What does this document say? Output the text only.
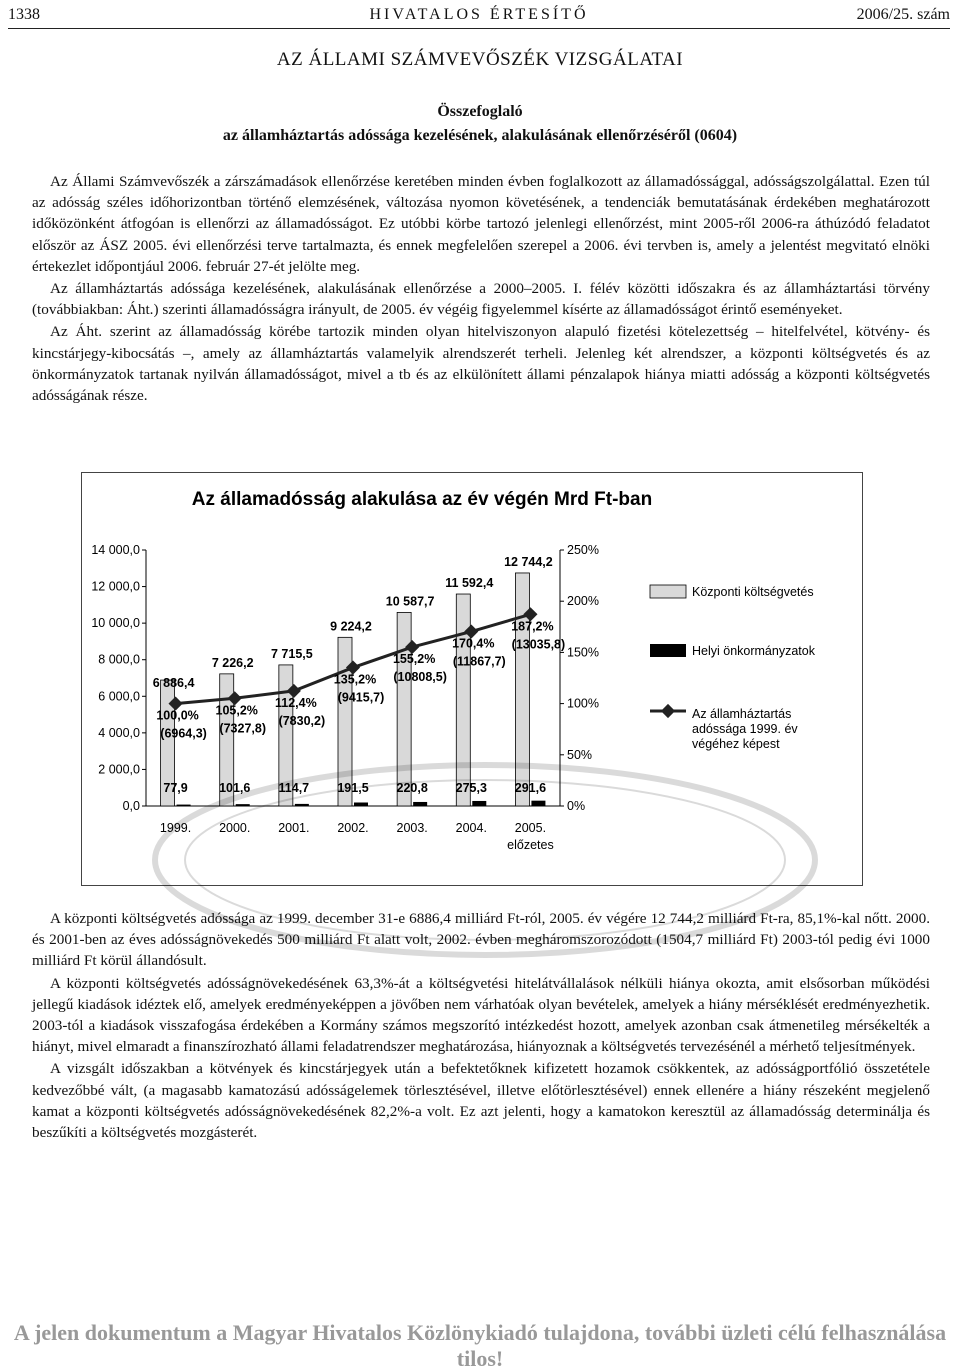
1338	HIVATALOS ÉRTESÍTŐ	2006/25. szám
AZ ÁLLAMI SZÁMVEVŐSZÉK VIZSGÁLATAI
Összefoglaló
az államháztartás adóssága kezelésének, alakulásának ellenőrzéséről (0604)

Az Állami Számvevőszék a zárszámadások ellenőrzése keretében minden évben foglalkozott az államadóssággal, adósságszolgálattal. Ezen túl az adósság széles időhorizontban történő elemzésének, változása nyomon követésének, a tendenciák bemutatásának érdekében meghatározott időközönként átfogóan is ellenőrzi az államadósságot. Ez utóbbi körbe tartozó jelenlegi ellenőrzést, mint 2005-ről 2006-ra áthúzódó feladatot először az ÁSZ 2005. évi ellenőrzési terve tartalmazta, és ennek megfelelően szerepel a 2006. évi tervben is, amely a jelentést megvitató elnöki értekezlet időpontjául 2006. február 27-ét jelölte meg.

Az államháztartás adóssága kezelésének, alakulásának ellenőrzése a 2000–2005. I. félév közötti időszakra és az államháztartási törvény (továbbiakban: Áht.) szerinti államadósságra irányult, de 2005. év végéig figyelemmel kísérte az államadósságot érintő eseményeket.

Az Áht. szerint az államadósság körébe tartozik minden olyan hitelviszonyon alapuló fizetési kötelezettség – hitelfelvétel, kötvény- és kincstárjegy-kibocsátás –, amely az államháztartás valamelyik alrendszerét terheli. Jelenleg két alrendszer, a központi költségvetés és az önkormányzatok tartanak nyilván államadósságot, mivel a tb és az elkülönített állami pénzalapok hiánya miatti adósság a központi költségvetés adósságának része.

Az államadósság alakulása az év végén Mrd Ft-ban
0,0
2 000,0
4 000,0
6 000,0
8 000,0
10 000,0
12 000,0
14 000,0
0%
50%
100%
150%
200%
250%
1999.
6 886,4
77,9
2000.
7 226,2
101,6
2001.
7 715,5
114,7
2002.
9 224,2
191,5
2003.
10 587,7
220,8
2004.
11 592,4
275,3
2005.
előzetes
12 744,2
291,6
100,0%
(6964,3)
105,2%
(7327,8)
112,4%
(7830,2)
135,2%
(9415,7)
155,2%
(10808,5)
170,4%
(11867,7)
187,2%
(13035,8)
Központi költségvetés
Helyi önkormányzatok
Az államháztartás
adóssága 1999. év
végéhez képest

A központi költségvetés adóssága az 1999. december 31-e 6886,4 milliárd Ft-ról, 2005. év végére 12 744,2 milliárd Ft-ra, 85,1%-kal nőtt. 2000. és 2001-ben az éves adósságnövekedés 500 milliárd Ft alatt volt, 2002. évben megháromszorozódott (1504,7 milliárd Ft) 2003-tól pedig évi 1000 milliárd Ft körül állandósult.

A központi költségvetés adósságnövekedésének 63,3%-át a költségvetési hitelátvállalások nélküli hiánya okozta, amit elsősorban működési jellegű kiadások idéztek elő, amelyek eredményeképpen a jövőben nem várhatóak olyan bevételek, amelyek a hiány mérséklését eredményezhetik. 2003-tól a kiadások visszafogása érdekében a Kormány számos megszorító intézkedést hozott, amelyek azonban csak átmenetileg mérsékelték a hiányt, mivel elmaradt a finanszírozható állami feladatrendszer meghatározása, hiányoznak a költségvetés tervezésénél a mérhető teljesítmények.

A vizsgált időszakban a kötvények és kincstárjegyek után a befektetőknek kifizetett hozamok csökkentek, az adósságportfólió összetétele kedvezőbbé vált, (a magasabb kamatozású adósságelemek törlesztésével, illetve előtörlesztésével) ennek ellenére a hiány részeként megjelenő kamat a központi költségvetés adósságnövekedésének 82,2%-a volt. Ez azt jelenti, hogy a kamatokon keresztül az államadósság determinálja és beszűkíti a költségvetés mozgásterét.

A jelen dokumentum a Magyar Hivatalos Közlönykiadó tulajdona, további üzleti célú felhasználása tilos!
